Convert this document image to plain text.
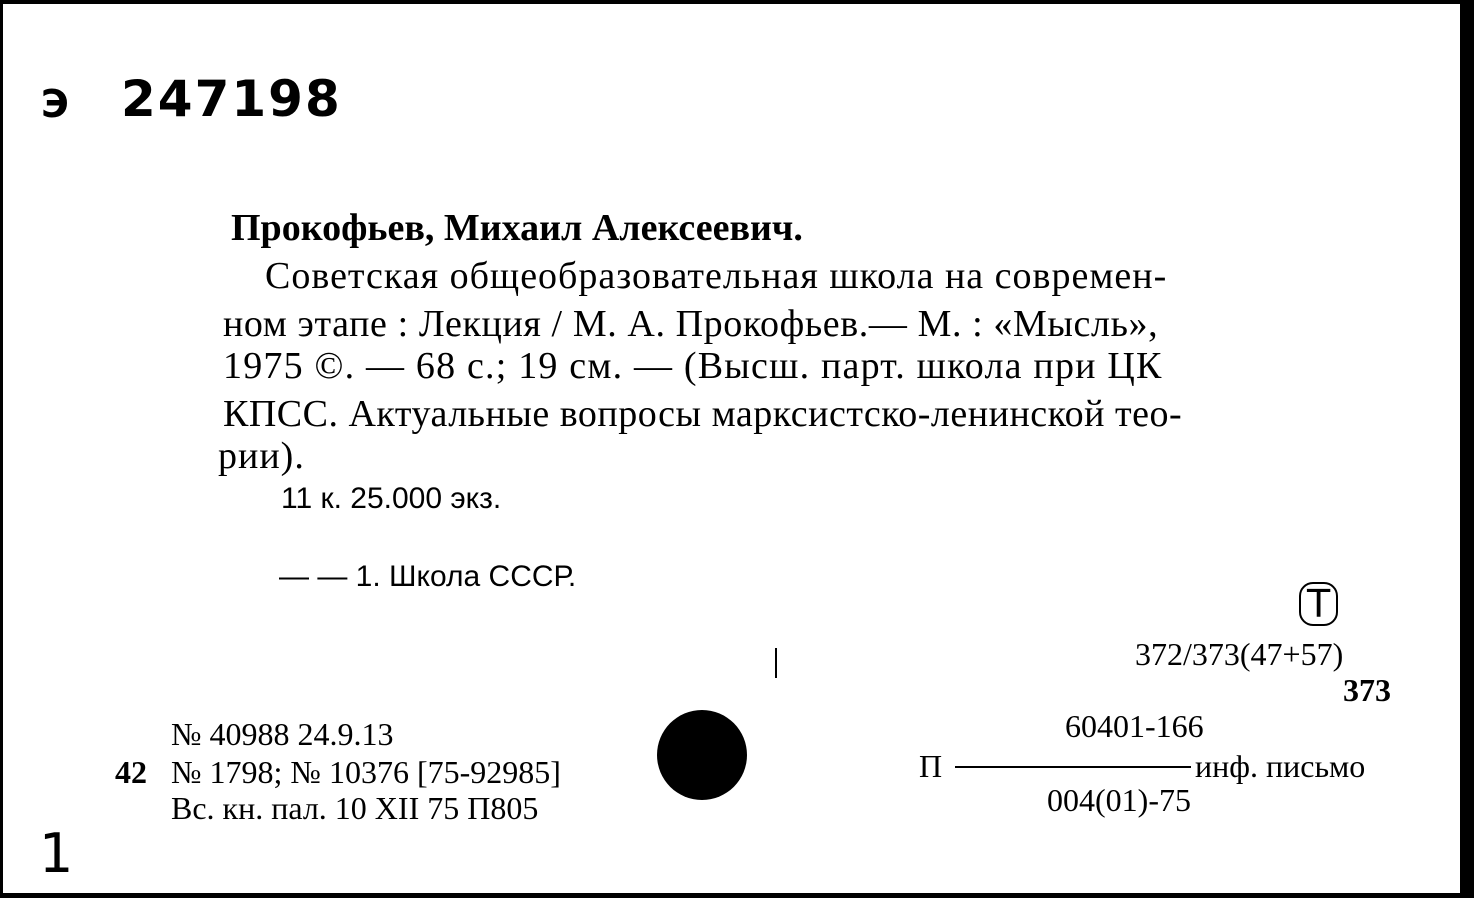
Э 247198
Прокофьев, Михаил Алексеевич.
Советская общеобразовательная школа на современ-
ном этапе : Лекция / М. А. Прокофьев.— М. : «Мысль»,
1975 ©. — 68 с.; 19 см. — (Высш. парт. школа при ЦК
КПСС. Актуальные вопросы марксистско-ленинской тео-
рии).
11 к. 25.000 экз.
— — 1. Школа СССР.
Т
372/373(47+57)
373
60401-166
П	инф. письмо
004(01)-75
№ 40988 24.9.13
42 № 1798; № 10376 [75-92985]
Вс. кн. пал. 10 XII 75 П805
1
